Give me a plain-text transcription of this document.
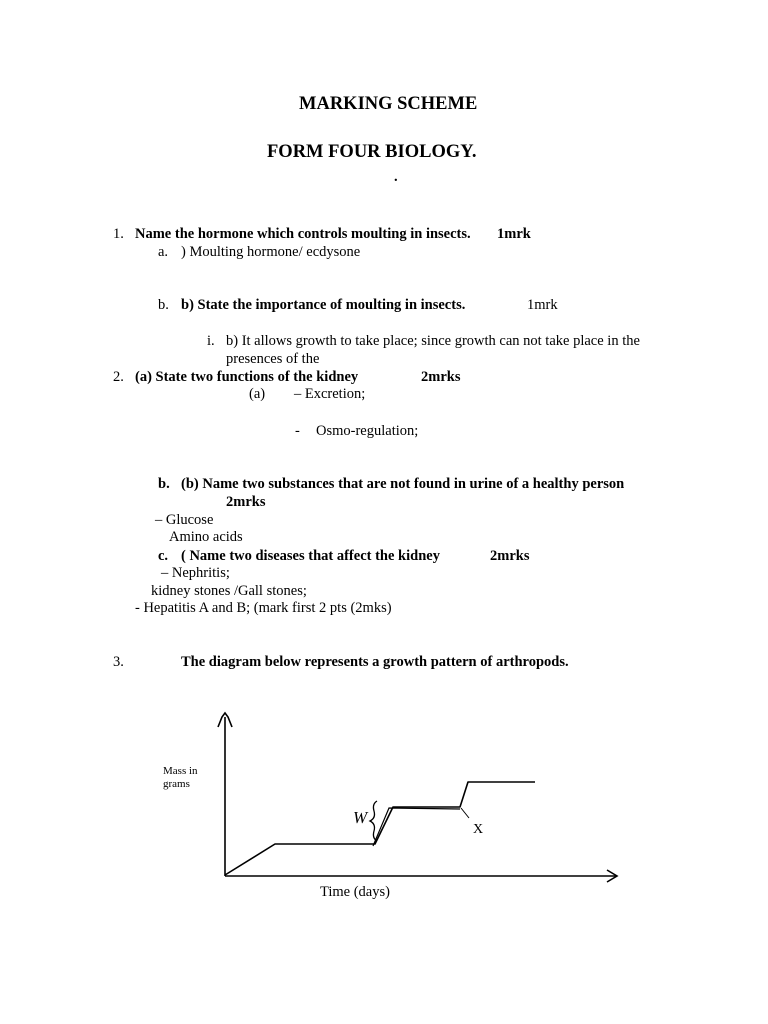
MARKING SCHEME
FORM FOUR BIOLOGY.
.
1. Name the hormone which controls moulting in insects. 1mrk
a. ) Moulting hormone/ ecdysone
b. b) State the importance of moulting in insects.	1mrk
i. b) It allows growth to take place; since growth can not take place in the
presences of the
2. (a) State two functions of the kidney	2mrks
(a) – Excretion;
- Osmo-regulation;
b. (b) Name two substances that are not found in urine of a healthy person
2mrks
– Glucose
Amino acids
c. ( Name two diseases that affect the kidney	2mrks
– Nephritis;
kidney stones /Gall stones;
- Hepatitis A and B; (mark first 2 pts (2mks)
3.	The diagram below represents a growth pattern of arthropods.
Mass in
grams
W
X
Time (days)
